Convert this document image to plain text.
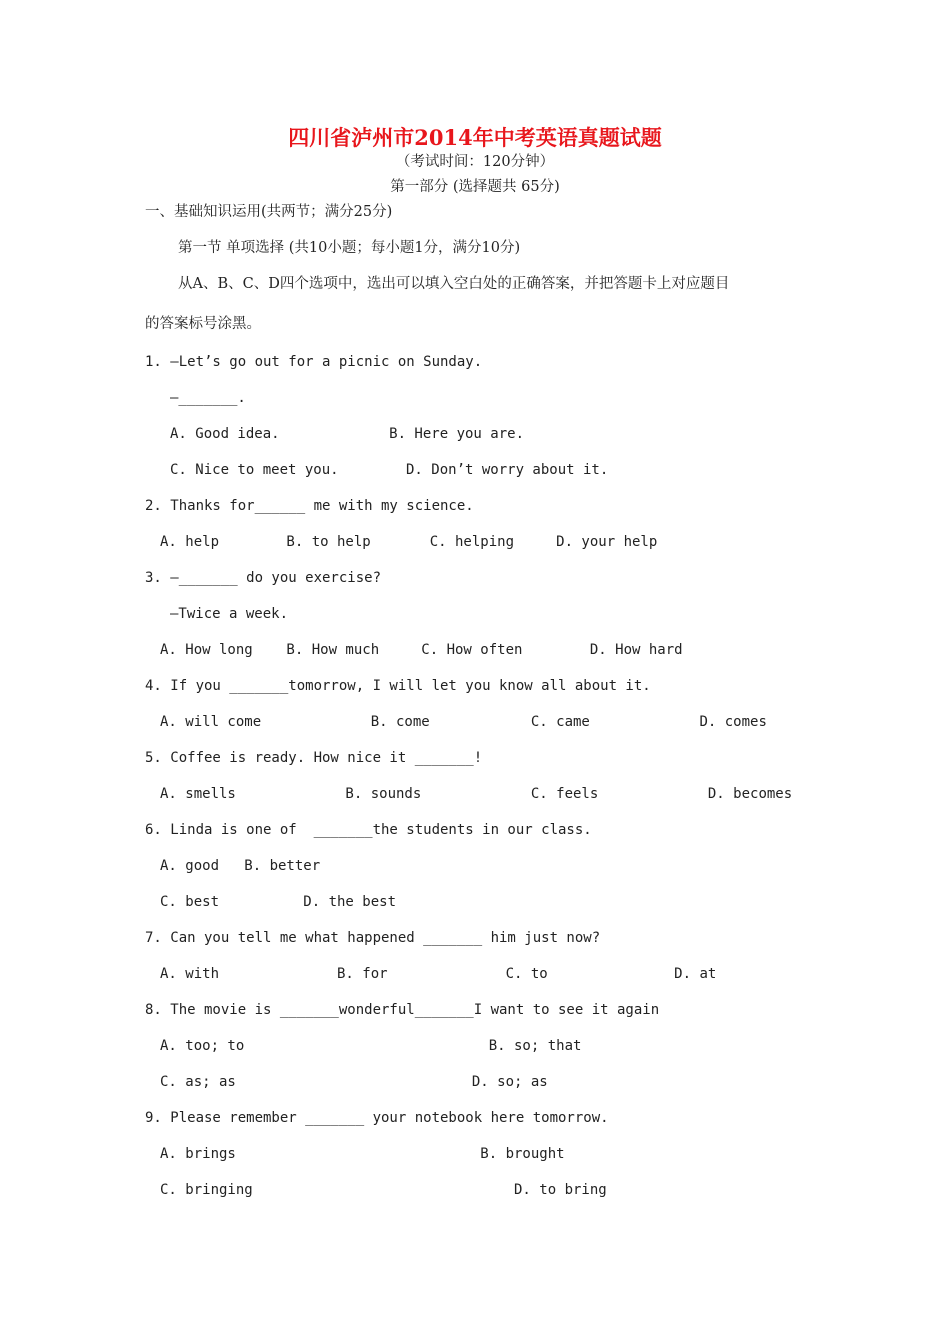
四川省泸州市2014年中考英语真题试题
（考试时间：120分钟）
第一部分 (选择题共 65分)
一、基础知识运用(共两节；满分25分)
第一节 单项选择 (共10小题；每小题1分，满分10分)
从A、B、C、D四个选项中，选出可以填入空白处的正确答案，并把答题卡上对应题目
的答案标号涂黑。
1. —Let’s go out for a picnic on Sunday.
—_______.
A. Good idea.             B. Here you are.
C. Nice to meet you.        D. Don’t worry about it.
2. Thanks for______ me with my science.
A. help        B. to help       C. helping     D. your help
3. —_______ do you exercise?
—Twice a week.
A. How long    B. How much     C. How often        D. How hard
4. If you _______tomorrow, I will let you know all about it.
A. will come             B. come            C. came             D. comes
5. Coffee is ready. How nice it _______!
A. smells             B. sounds             C. feels             D. becomes
6. Linda is one of  _______the students in our class.
A. good   B. better
C. best          D. the best
7. Can you tell me what happened _______ him just now?
A. with              B. for              C. to               D. at
8. The movie is _______wonderful_______I want to see it again
A. too; to                             B. so; that
C. as; as                            D. so; as
9. Please remember _______ your notebook here tomorrow.
A. brings                             B. brought
C. bringing                               D. to bring
